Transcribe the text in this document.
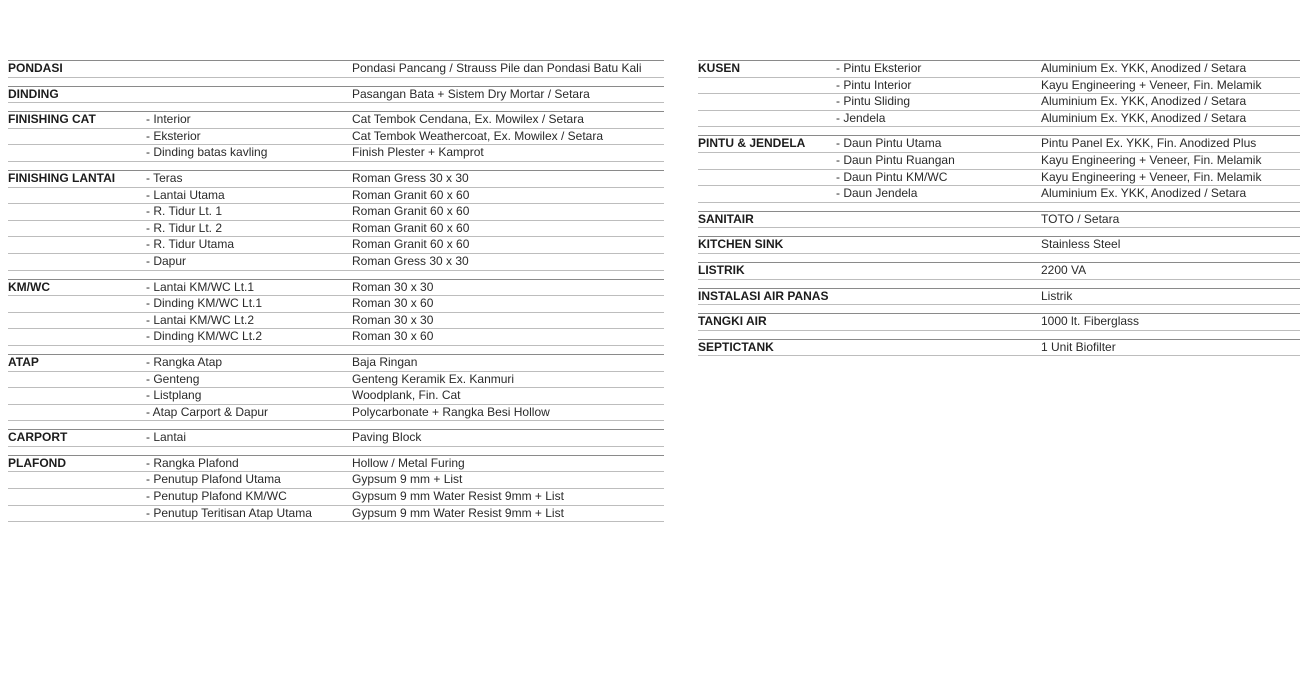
PONDASI	Pondasi Pancang / Strauss Pile dan Pondasi Batu Kali
DINDING	Pasangan Bata + Sistem Dry Mortar / Setara
FINISHING CAT	- Interior	Cat Tembok Cendana, Ex. Mowilex / Setara
- Eksterior	Cat Tembok Weathercoat, Ex. Mowilex / Setara
- Dinding batas kavling	Finish Plester + Kamprot
FINISHING LANTAI	- Teras	Roman Gress 30 x 30
- Lantai Utama	Roman Granit 60 x 60
- R. Tidur Lt. 1	Roman Granit 60 x 60
- R. Tidur Lt. 2	Roman Granit 60 x 60
- R. Tidur Utama	Roman Granit 60 x 60
- Dapur	Roman Gress 30 x 30
KM/WC	- Lantai KM/WC Lt.1	Roman 30 x 30
- Dinding KM/WC Lt.1	Roman 30 x 60
- Lantai KM/WC Lt.2	Roman 30 x 30
- Dinding KM/WC Lt.2	Roman 30 x 60
ATAP	- Rangka Atap	Baja Ringan
- Genteng	Genteng Keramik Ex. Kanmuri
- Listplang	Woodplank, Fin. Cat
- Atap Carport & Dapur	Polycarbonate + Rangka Besi Hollow
CARPORT	- Lantai	Paving Block
PLAFOND	- Rangka Plafond	Hollow / Metal Furing
- Penutup Plafond Utama	Gypsum 9 mm + List
- Penutup Plafond KM/WC	Gypsum 9 mm Water Resist 9mm + List
- Penutup Teritisan Atap Utama	Gypsum 9 mm Water Resist 9mm + List
KUSEN	- Pintu Eksterior	Aluminium Ex. YKK, Anodized / Setara
- Pintu Interior	Kayu Engineering + Veneer, Fin. Melamik
- Pintu Sliding	Aluminium Ex. YKK, Anodized / Setara
- Jendela	Aluminium Ex. YKK, Anodized / Setara
PINTU & JENDELA	- Daun Pintu Utama	Pintu Panel Ex. YKK, Fin. Anodized Plus
- Daun Pintu Ruangan	Kayu Engineering + Veneer, Fin. Melamik
- Daun Pintu KM/WC	Kayu Engineering + Veneer, Fin. Melamik
- Daun Jendela	Aluminium Ex. YKK, Anodized / Setara
SANITAIR	TOTO / Setara
KITCHEN SINK	Stainless Steel
LISTRIK	2200 VA
INSTALASI AIR PANAS	Listrik
TANGKI AIR	1000 lt. Fiberglass
SEPTICTANK	1 Unit Biofilter
